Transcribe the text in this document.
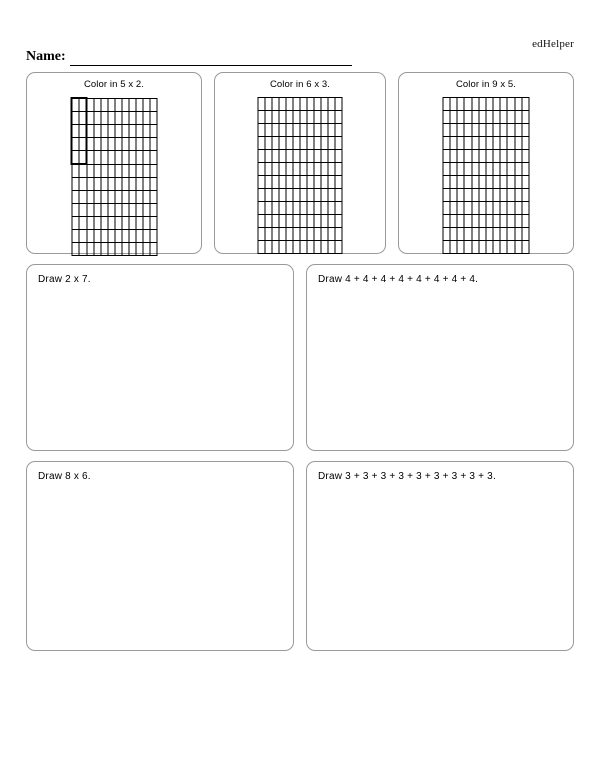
edHelper
Name:
Color in 5 x 2.

												Color in 6 x 3.

												Color in 9 x 5.

Draw 2 x 7.	Draw 4 + 4 + 4 + 4 + 4 + 4 + 4 + 4.
Draw 8 x 6.	Draw 3 + 3 + 3 + 3 + 3 + 3 + 3 + 3 + 3.
